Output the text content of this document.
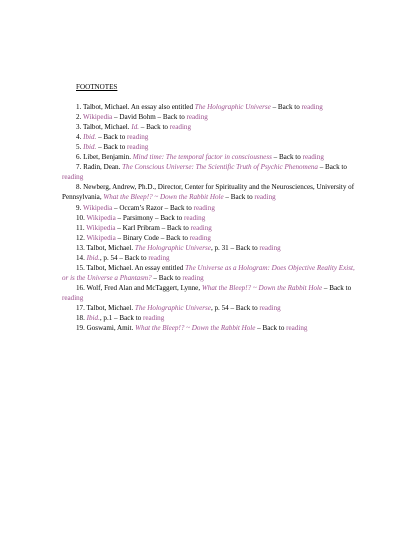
FOOTNOTES

1. Talbot, Michael. An essay also entitled The Holographic Universe – Back to reading

2. Wikipedia – David Bohm – Back to reading

3. Talbot, Michael. Id. – Back to reading

4. Ibid. – Back to reading

5. Ibid. – Back to reading

6. Libet, Benjamin. Mind time: The temporal factor in consciousness – Back to reading

7. Radin, Dean. The Conscious Universe: The Scientific Truth of Psychic Phenomena – Back to reading

8. Newberg, Andrew, Ph.D., Director, Center for Spirituality and the Neurosciences, University of Pennsylvania, What the Bleep!? ~ Down the Rabbit Hole – Back to reading

9. Wikipedia – Occam’s Razor – Back to reading

10. Wikipedia – Parsimony – Back to reading

11. Wikipedia – Karl Pribram – Back to reading

12. Wikipedia – Binary Code – Back to reading

13. Talbot, Michael. The Holographic Universe, p. 31 – Back to reading

14. Ibid., p. 54 – Back to reading

15. Talbot, Michael. An essay entitled The Universe as a Hologram: Does Objective Reality Exist, or is the Universe a Phantasm? – Back to reading

16. Wolf, Fred Alan and McTaggert, Lynne, What the Bleep!? ~ Down the Rabbit Hole – Back to reading

17. Talbot, Michael. The Holographic Universe, p. 54 – Back to reading

18. Ibid., p.1 – Back to reading

19. Goswami, Amit. What the Bleep!? ~ Down the Rabbit Hole – Back to reading
